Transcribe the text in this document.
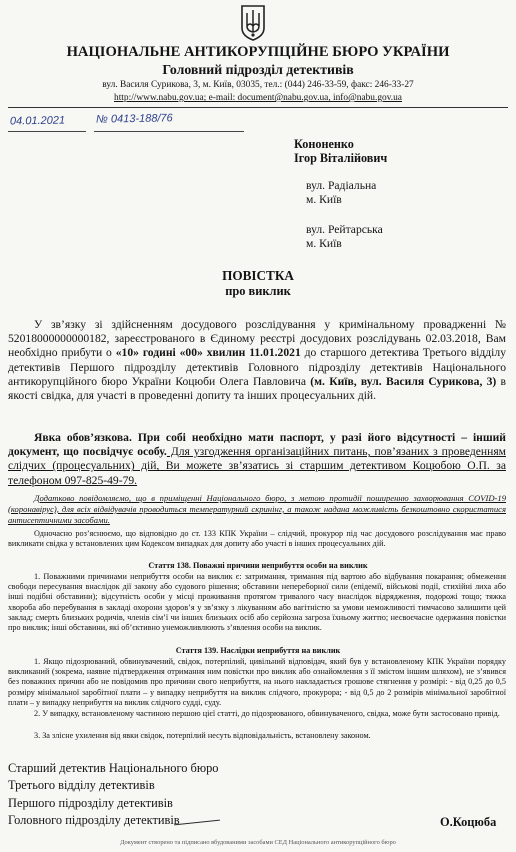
НАЦІОНАЛЬНЕ АНТИКОРУПЦІЙНЕ БЮРО УКРАЇНИ
Головний підрозділ детективів
вул. Василя Сурикова, 3, м. Київ, 03035, тел.: (044) 246-33-59, факс: 246-33-27
http://www.nabu.gov.ua; e-mail: document@nabu.gov.ua, info@nabu.gov.ua
04.01.2021	№ 0413-188/76
Кононенко
Ігор Віталійович
вул. Радіальна
м. Київ
вул. Рейтарська
м. Київ
ПОВІСТКА
про виклик
У зв’язку зі здійсненням досудового розслідування у кримінальному провадженні № 52018000000000182, зареєстрованого в Єдиному реєстрі досудових розслідувань 02.03.2018, Вам необхідно прибути о «10» годині «00» хвилин 11.01.2021 до старшого детектива Третього відділу детективів Першого підрозділу детективів Головного підрозділу детективів Національного антикорупційного бюро України Коцюби Олега Павловича (м. Київ, вул. Василя Сурикова, 3) в якості свідка, для участі в проведенні допиту та інших процесуальних дій.
Явка обов’язкова. При собі необхідно мати паспорт, у разі його відсутності – інший документ, що посвідчує особу. Для узгодження організаційних питань, пов’язаних з проведенням слідчих (процесуальних) дій, Ви можете зв’язатись зі старшим детективом Коцюбою О.П. за телефоном 097-825-49-79.
Додатково повідомляємо, що в приміщенні Національного бюро, з метою протидії поширенню захворювання COVID-19 (коронавірус), для всіх відвідувачів проводиться температурний скринінг, а також надана можливість безкоштовно скористатися антисептичними засобами.
Одночасно роз’яснюємо, що відповідно до ст. 133 КПК України – слідчий, прокурор під час досудового розслідування має право викликати свідка у встановлених цим Кодексом випадках для допиту або участі в інших процесуальних дій.
Стаття 138. Поважні причини неприбуття особи на виклик
1. Поважними причинами неприбуття особи на виклик є: затримання, тримання під вартою або відбування покарання; обмеження свободи пересування внаслідок дії закону або судового рішення; обставини непереборної сили (епідемії, військові події, стихійні лиха або інші подібні обставини); відсутність особи у місці проживання протягом тривалого часу внаслідок відрядження, подорожі тощо; тяжка хвороба або перебування в закладі охорони здоров’я у зв’язку з лікуванням або вагітністю за умови неможливості тимчасово залишити цей заклад; смерть близьких родичів, членів сім’ї чи інших близьких осіб або серйозна загроза їхньому життю; несвоєчасне одержання повістки про виклик; інші обставини, які об’єктивно унеможливлюють з’явлення особи на виклик.
Стаття 139. Наслідки неприбуття на виклик
1. Якщо підозрюваний, обвинувачений, свідок, потерпілий, цивільний відповідач, який був у встановленому КПК України порядку викликаний (зокрема, наявне підтвердження отримання ним повістки про виклик або ознайомлення з її змістом іншим шляхом), не з’явився без поважних причин або не повідомив про причини свого неприбуття, на нього накладається грошове стягнення у розмірі: - від 0,25 до 0,5 розміру мінімальної заробітної плати – у випадку неприбуття на виклик слідчого, прокурора; - від 0,5 до 2 розмірів мінімальної заробітної плати – у випадку неприбуття на виклик слідчого судді, суду.
2. У випадку, встановленому частиною першою цієї статті, до підозрюваного, обвинуваченого, свідка, може бути застосовано привід.
3. За злісне ухилення від явки свідок, потерпілий несуть відповідальність, встановлену законом.
Старший детектив Національного бюро
Третього відділу детективів
Першого підрозділу детективів
Головного підрозділу детективів	О.Коцюба
Документ створено та підписано вбудованими засобами СЕД Національного антикорупційного бюро
